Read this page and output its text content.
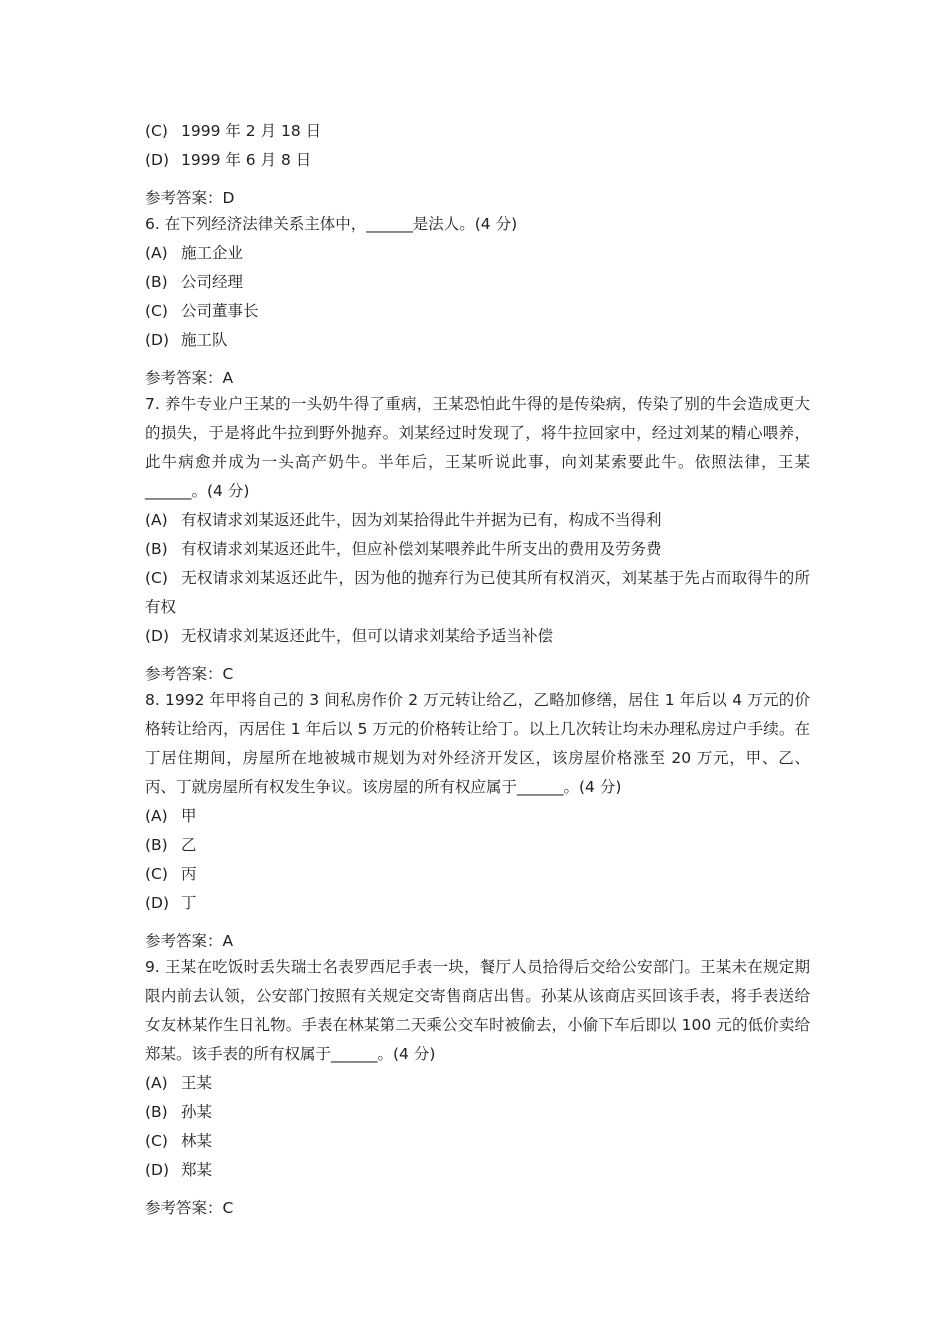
(C) 1999 年 2 月 18 日
(D) 1999 年 6 月 8 日
参考答案：D
6. 在下列经济法律关系主体中，______是法人。(4 分)
(A) 施工企业
(B) 公司经理
(C) 公司董事长
(D) 施工队
参考答案：A
7. 养牛专业户王某的一头奶牛得了重病，王某恐怕此牛得的是传染病，传染了别的牛会造成更大的损失，于是将此牛拉到野外抛弃。刘某经过时发现了，将牛拉回家中，经过刘某的精心喂养，此牛病愈并成为一头高产奶牛。半年后，王某听说此事，向刘某索要此牛。依照法律，王某______。(4 分)
(A) 有权请求刘某返还此牛，因为刘某拾得此牛并据为已有，构成不当得利
(B) 有权请求刘某返还此牛，但应补偿刘某喂养此牛所支出的费用及劳务费
(C) 无权请求刘某返还此牛，因为他的抛弃行为已使其所有权消灭，刘某基于先占而取得牛的所有权
(D) 无权请求刘某返还此牛，但可以请求刘某给予适当补偿
参考答案：C
8. 1992 年甲将自己的 3 间私房作价 2 万元转让给乙，乙略加修缮，居住 1 年后以 4 万元的价格转让给丙，丙居住 1 年后以 5 万元的价格转让给丁。以上几次转让均未办理私房过户手续。在丁居住期间，房屋所在地被城市规划为对外经济开发区，该房屋价格涨至 20 万元，甲、乙、丙、丁就房屋所有权发生争议。该房屋的所有权应属于______。(4 分)
(A) 甲
(B) 乙
(C) 丙
(D) 丁
参考答案：A
9. 王某在吃饭时丢失瑞士名表罗西尼手表一块，餐厅人员拾得后交给公安部门。王某未在规定期限内前去认领，公安部门按照有关规定交寄售商店出售。孙某从该商店买回该手表，将手表送给女友林某作生日礼物。手表在林某第二天乘公交车时被偷去，小偷下车后即以 100 元的低价卖给郑某。该手表的所有权属于______。(4 分)
(A) 王某
(B) 孙某
(C) 林某
(D) 郑某
参考答案：C
